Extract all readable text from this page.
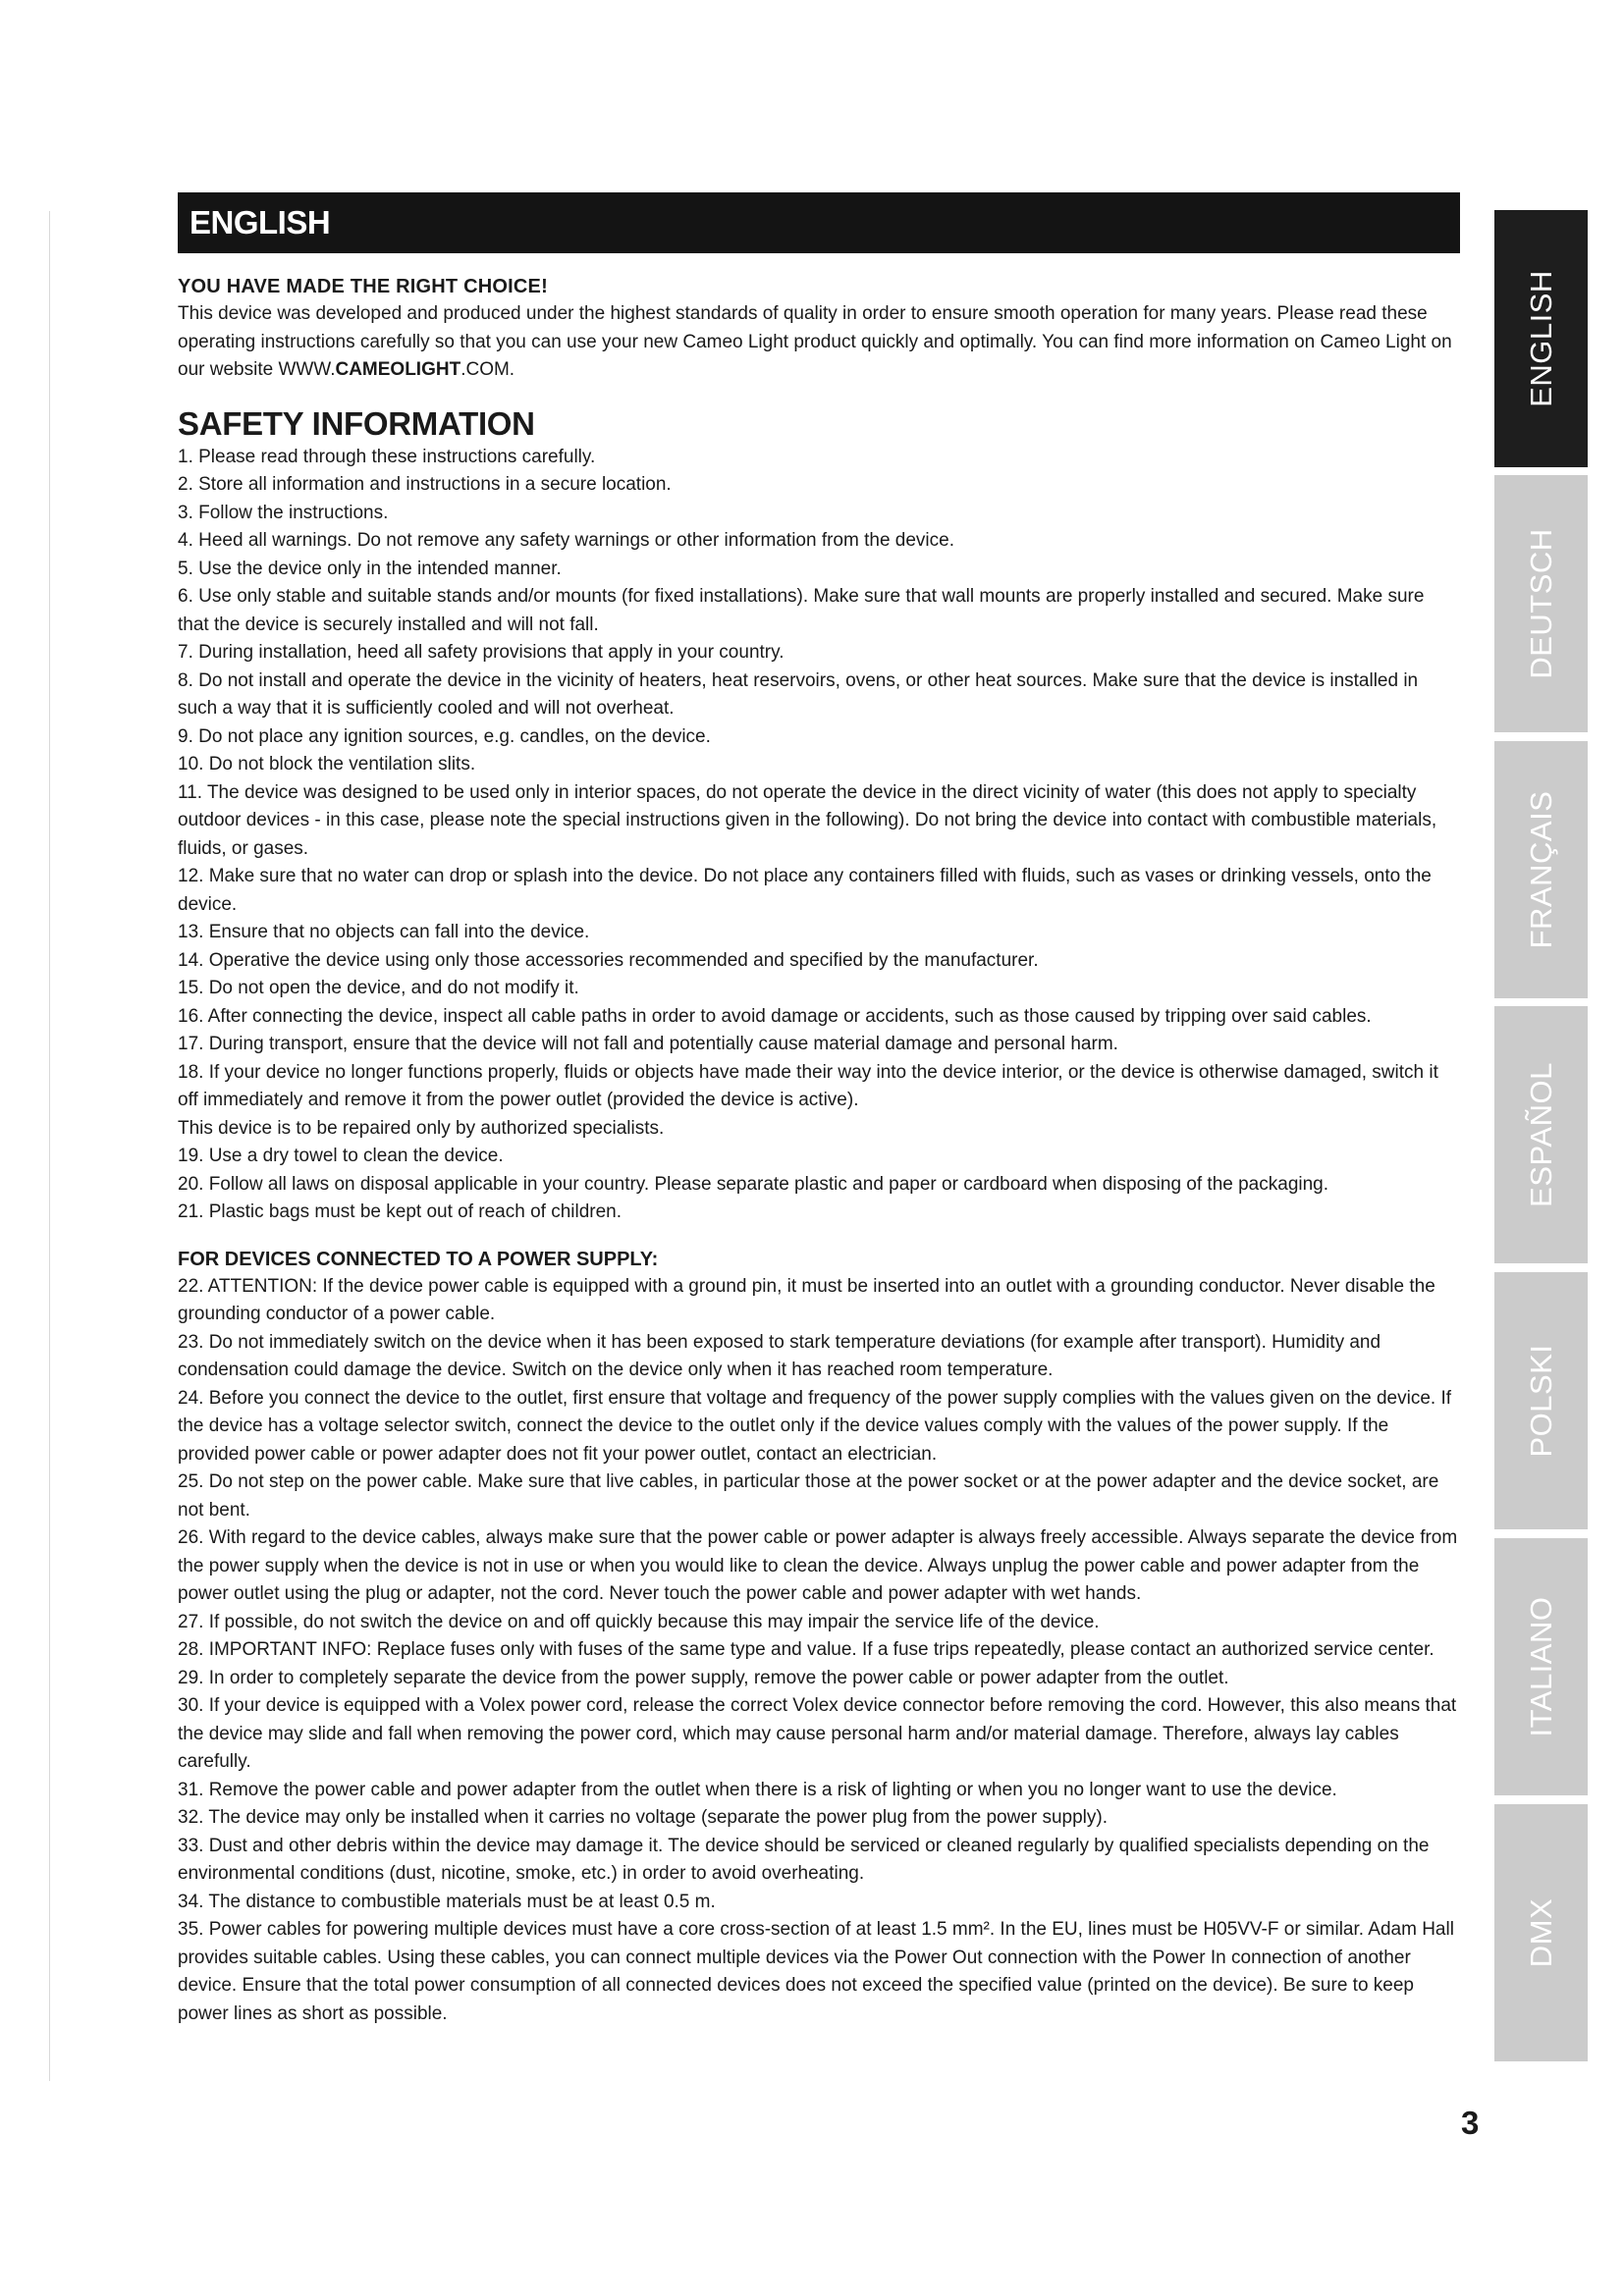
ENGLISH
YOU HAVE MADE THE RIGHT CHOICE!
This device was developed and produced under the highest standards of quality in order to ensure smooth operation for many years. Please read these operating instructions carefully so that you can use your new Cameo Light product quickly and optimally. You can find more information on Cameo Light on our website WWW.CAMEOLIGHT.COM.
SAFETY INFORMATION

1. Please read through these instructions carefully.

2. Store all information and instructions in a secure location.

3. Follow the instructions.

4. Heed all warnings. Do not remove any safety warnings or other information from the device.

5. Use the device only in the intended manner.

6. Use only stable and suitable stands and/or mounts (for fixed installations). Make sure that wall mounts are properly installed and secured. Make sure that the device is securely installed and will not fall.

7. During installation, heed all safety provisions that apply in your country.

8. Do not install and operate the device in the vicinity of heaters, heat reservoirs, ovens, or other heat sources. Make sure that the device is installed in such a way that it is sufficiently cooled and will not overheat.

9. Do not place any ignition sources, e.g. candles, on the device.

10. Do not block the ventilation slits.

11. The device was designed to be used only in interior spaces, do not operate the device in the direct vicinity of water (this does not apply to specialty outdoor devices - in this case, please note the special instructions given in the following). Do not bring the device into contact with combustible materials, fluids, or gases.

12. Make sure that no water can drop or splash into the device. Do not place any containers filled with fluids, such as vases or drinking vessels, onto the device.

13. Ensure that no objects can fall into the device.

14. Operative the device using only those accessories recommended and specified by the manufacturer.

15. Do not open the device, and do not modify it.

16. After connecting the device, inspect all cable paths in order to avoid damage or accidents, such as those caused by tripping over said cables.

17. During transport, ensure that the device will not fall and potentially cause material damage and personal harm.

18. If your device no longer functions properly, fluids or objects have made their way into the device interior, or the device is otherwise damaged, switch it off immediately and remove it from the power outlet (provided the device is active).

This device is to be repaired only by authorized specialists.

19. Use a dry towel to clean the device.

20. Follow all laws on disposal applicable in your country. Please separate plastic and paper or cardboard when disposing of the packaging.

21. Plastic bags must be kept out of reach of children.

FOR DEVICES CONNECTED TO A POWER SUPPLY:

22. ATTENTION: If the device power cable is equipped with a ground pin, it must be inserted into an outlet with a grounding conductor. Never disable the grounding conductor of a power cable.

23. Do not immediately switch on the device when it has been exposed to stark temperature deviations (for example after transport). Humidity and condensation could damage the device. Switch on the device only when it has reached room temperature.

24. Before you connect the device to the outlet, first ensure that voltage and frequency of the power supply complies with the values given on the device. If the device has a voltage selector switch, connect the device to the outlet only if the device values comply with the values of the power supply. If the provided power cable or power adapter does not fit your power outlet, contact an electrician.

25. Do not step on the power cable. Make sure that live cables, in particular those at the power socket or at the power adapter and the device socket, are not bent.

26. With regard to the device cables, always make sure that the power cable or power adapter is always freely accessible. Always separate the device from the power supply when the device is not in use or when you would like to clean the device. Always unplug the power cable and power adapter from the power outlet using the plug or adapter, not the cord. Never touch the power cable and power adapter with wet hands.

27. If possible, do not switch the device on and off quickly because this may impair the service life of the device.

28. IMPORTANT INFO: Replace fuses only with fuses of the same type and value. If a fuse trips repeatedly, please contact an authorized service center.

29. In order to completely separate the device from the power supply, remove the power cable or power adapter from the outlet.

30. If your device is equipped with a Volex power cord, release the correct Volex device connector before removing the cord. However, this also means that the device may slide and fall when removing the power cord, which may cause personal harm and/or material damage. Therefore, always lay cables carefully.

31. Remove the power cable and power adapter from the outlet when there is a risk of lighting or when you no longer want to use the device.

32. The device may only be installed when it carries no voltage (separate the power plug from the power supply).

33. Dust and other debris within the device may damage it. The device should be serviced or cleaned regularly by qualified specialists depending on the environmental conditions (dust, nicotine, smoke, etc.) in order to avoid overheating.

34. The distance to combustible materials must be at least 0.5 m.

35. Power cables for powering multiple devices must have a core cross-section of at least 1.5 mm². In the EU, lines must be H05VV-F or similar. Adam Hall provides suitable cables. Using these cables, you can connect multiple devices via the Power Out connection with the Power In connection of another device. Ensure that the total power consumption of all connected devices does not exceed the specified value (printed on the device). Be sure to keep power lines as short as possible.

ENGLISH
DEUTSCH
FRANÇAIS
ESPAÑOL
POLSKI
ITALIANO
DMX
3
